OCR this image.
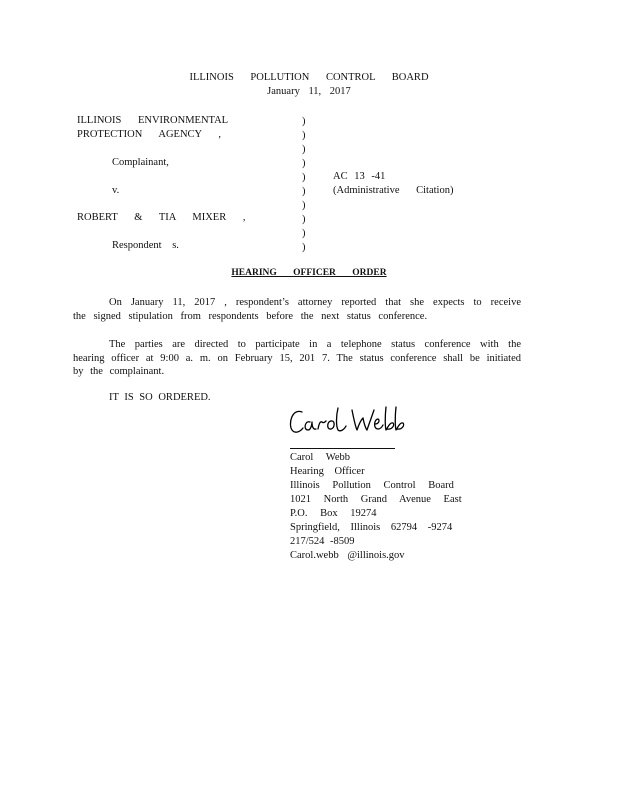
ILLINOIS POLLUTION CONTROL BOARD
January 11, 2017
ILLINOIS ENVIRONMENTAL
PROTECTION AGENCY ,
Complainant,
v.
ROBERT & TIA MIXER ,
Respondent s.
)
)
)
)
)
)
)
)
)
)
AC 13 -41
(Administrative Citation)
HEARING OFFICER ORDER

On January 11, 2017 , respondent’s attorney reported that she expects to receive the signed stipulation from respondents before the next status conference.

The parties are directed to participate in a telephone status conference with the hearing officer at 9:00 a. m. on February 15, 201 7. The status conference shall be initiated by the complainant.

IT IS SO ORDERED.
Carol Webb
Hearing Officer
Illinois Pollution Control Board
1021 North Grand Avenue East
P.O. Box 19274
Springfield, Illinois 62794 -9274
217/524 -8509
Carol.webb @illinois.gov
